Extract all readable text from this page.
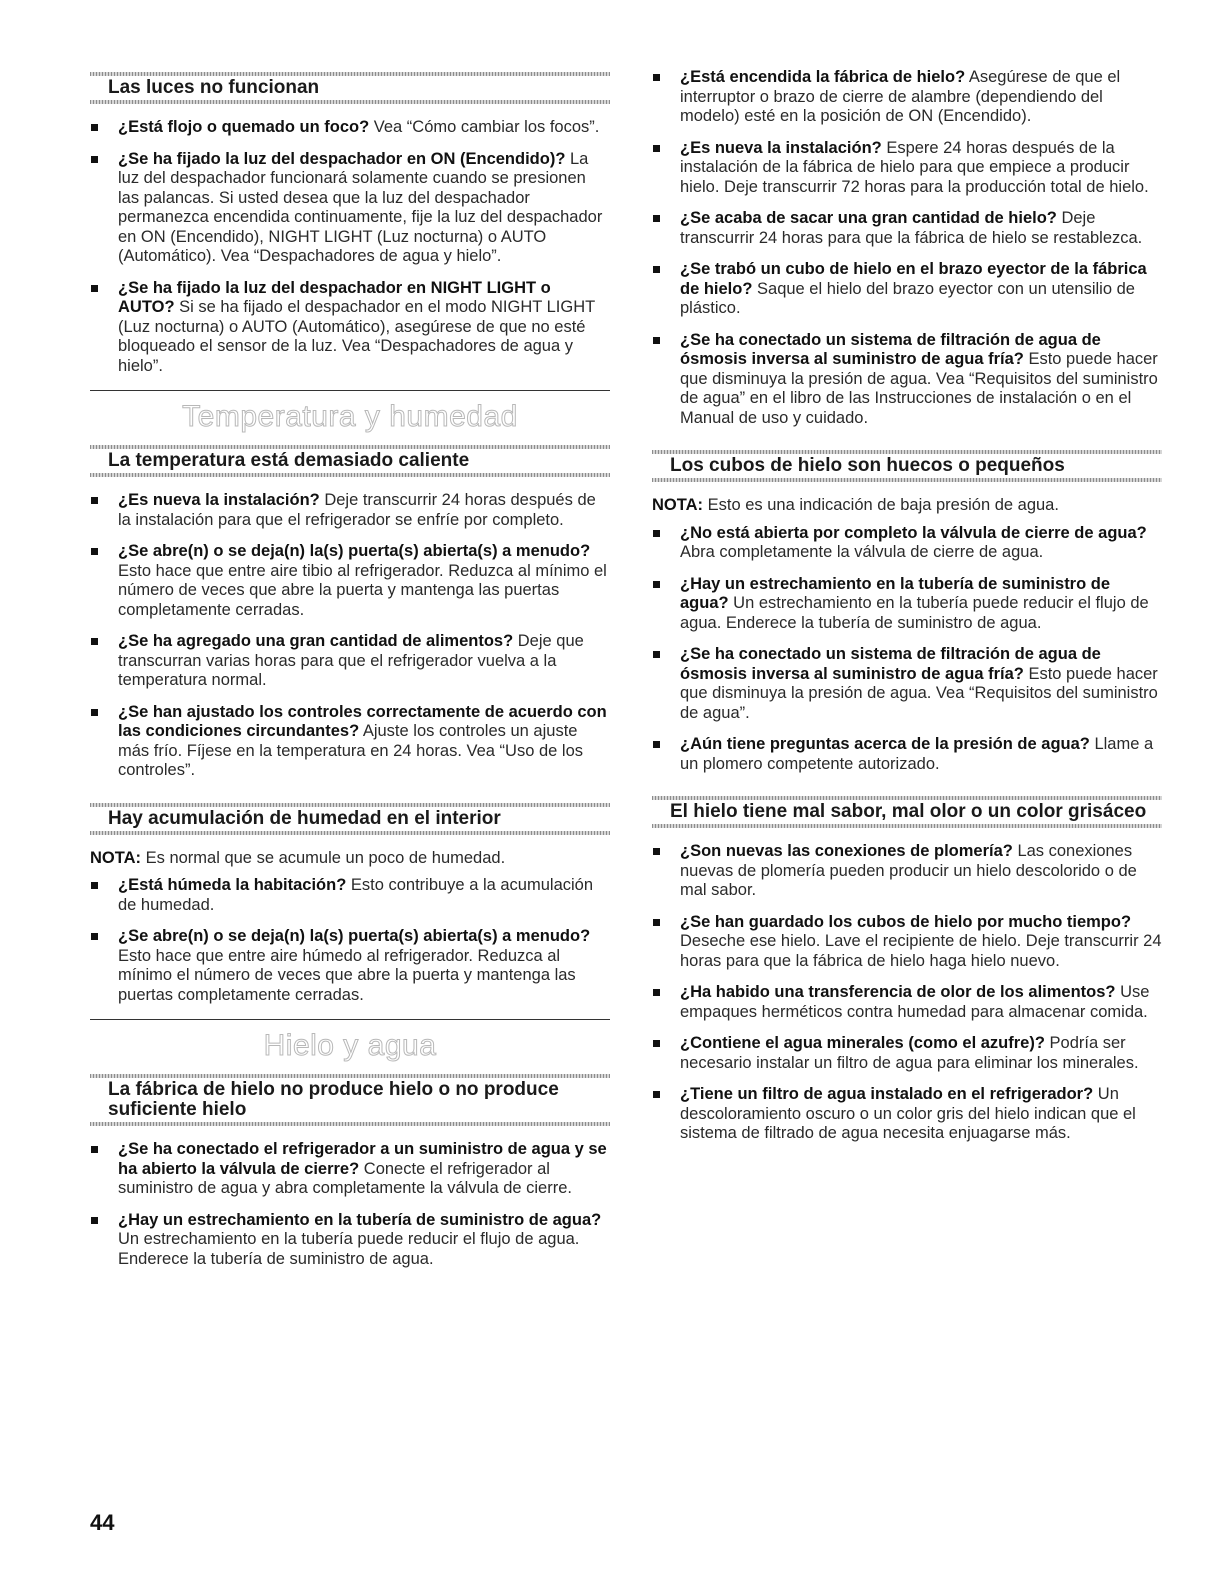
Las luces no funcionan
¿Está flojo o quemado un foco? Vea “Cómo cambiar los focos”.
¿Se ha fijado la luz del despachador en ON (Encendido)? La luz del despachador funcionará solamente cuando se presionen las palancas. Si usted desea que la luz del despachador permanezca encendida continuamente, fije la luz del despachador en ON (Encendido), NIGHT LIGHT (Luz nocturna) o AUTO (Automático). Vea “Despachadores de agua y hielo”.
¿Se ha fijado la luz del despachador en NIGHT LIGHT o AUTO? Si se ha fijado el despachador en el modo NIGHT LIGHT (Luz nocturna) o AUTO (Automático), asegúrese de que no esté bloqueado el sensor de la luz. Vea “Despachadores de agua y hielo”.
Temperatura y humedad
La temperatura está demasiado caliente
¿Es nueva la instalación? Deje transcurrir 24 horas después de la instalación para que el refrigerador se enfríe por completo.
¿Se abre(n) o se deja(n) la(s) puerta(s) abierta(s) a menudo? Esto hace que entre aire tibio al refrigerador. Reduzca al mínimo el número de veces que abre la puerta y mantenga las puertas completamente cerradas.
¿Se ha agregado una gran cantidad de alimentos? Deje que transcurran varias horas para que el refrigerador vuelva a la temperatura normal.
¿Se han ajustado los controles correctamente de acuerdo con las condiciones circundantes? Ajuste los controles un ajuste más frío. Fíjese en la temperatura en 24 horas. Vea “Uso de los controles”.
Hay acumulación de humedad en el interior
NOTA: Es normal que se acumule un poco de humedad.
¿Está húmeda la habitación? Esto contribuye a la acumulación de humedad.
¿Se abre(n) o se deja(n) la(s) puerta(s) abierta(s) a menudo? Esto hace que entre aire húmedo al refrigerador. Reduzca al mínimo el número de veces que abre la puerta y mantenga las puertas completamente cerradas.
Hielo y agua
La fábrica de hielo no produce hielo o no produce suficiente hielo
¿Se ha conectado el refrigerador a un suministro de agua y se ha abierto la válvula de cierre? Conecte el refrigerador al suministro de agua y abra completamente la válvula de cierre.
¿Hay un estrechamiento en la tubería de suministro de agua? Un estrechamiento en la tubería puede reducir el flujo de agua. Enderece la tubería de suministro de agua.
¿Está encendida la fábrica de hielo? Asegúrese de que el interruptor o brazo de cierre de alambre (dependiendo del modelo) esté en la posición de ON (Encendido).
¿Es nueva la instalación? Espere 24 horas después de la instalación de la fábrica de hielo para que empiece a producir hielo. Deje transcurrir 72 horas para la producción total de hielo.
¿Se acaba de sacar una gran cantidad de hielo? Deje transcurrir 24 horas para que la fábrica de hielo se restablezca.
¿Se trabó un cubo de hielo en el brazo eyector de la fábrica de hielo? Saque el hielo del brazo eyector con un utensilio de plástico.
¿Se ha conectado un sistema de filtración de agua de ósmosis inversa al suministro de agua fría? Esto puede hacer que disminuya la presión de agua. Vea “Requisitos del suministro de agua” en el libro de las Instrucciones de instalación o en el Manual de uso y cuidado.
Los cubos de hielo son huecos o pequeños
NOTA: Esto es una indicación de baja presión de agua.
¿No está abierta por completo la válvula de cierre de agua? Abra completamente la válvula de cierre de agua.
¿Hay un estrechamiento en la tubería de suministro de agua? Un estrechamiento en la tubería puede reducir el flujo de agua. Enderece la tubería de suministro de agua.
¿Se ha conectado un sistema de filtración de agua de ósmosis inversa al suministro de agua fría? Esto puede hacer que disminuya la presión de agua. Vea “Requisitos del suministro de agua”.
¿Aún tiene preguntas acerca de la presión de agua? Llame a un plomero competente autorizado.
El hielo tiene mal sabor, mal olor o un color grisáceo
¿Son nuevas las conexiones de plomería? Las conexiones nuevas de plomería pueden producir un hielo descolorido o de mal sabor.
¿Se han guardado los cubos de hielo por mucho tiempo? Deseche ese hielo. Lave el recipiente de hielo. Deje transcurrir 24 horas para que la fábrica de hielo haga hielo nuevo.
¿Ha habido una transferencia de olor de los alimentos? Use empaques herméticos contra humedad para almacenar comida.
¿Contiene el agua minerales (como el azufre)? Podría ser necesario instalar un filtro de agua para eliminar los minerales.
¿Tiene un filtro de agua instalado en el refrigerador? Un descoloramiento oscuro o un color gris del hielo indican que el sistema de filtrado de agua necesita enjuagarse más.
44
